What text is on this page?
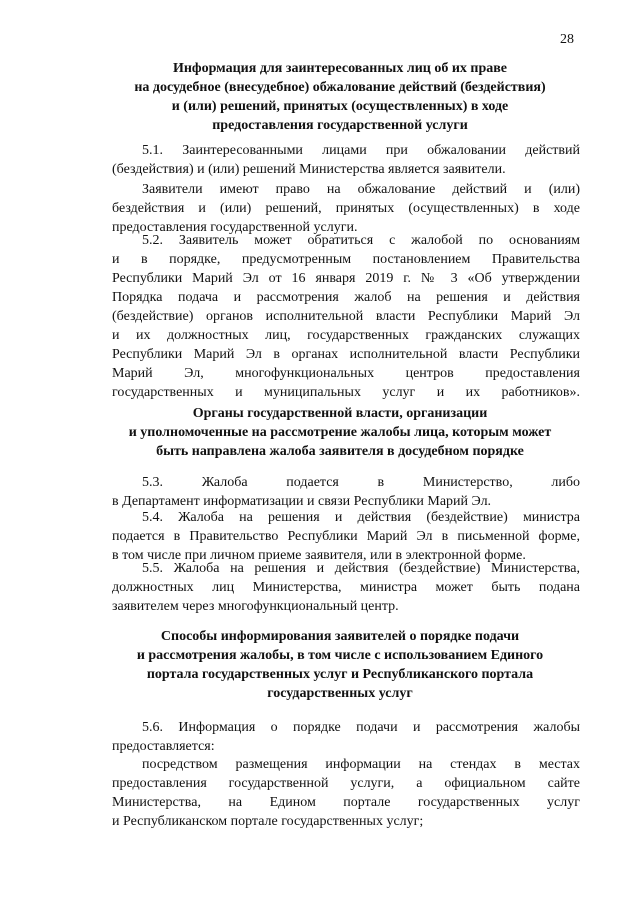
28
Информация для заинтересованных лиц об их праве
на досудебное (внесудебное) обжалование действий (бездействия)
и (или) решений, принятых (осуществленных) в ходе
предоставления государственной услуги
5.1. Заинтересованными лицами при обжаловании действий
(бездействия) и (или) решений Министерства является заявители.
Заявители имеют право на обжалование действий и (или)
бездействия и (или) решений, принятых (осуществленных) в ходе
предоставления государственной услуги.
5.2. Заявитель может обратиться с жалобой по основаниям
и в порядке, предусмотренным постановлением Правительства
Республики Марий Эл от 16 января 2019 г. № 3 «Об утверждении
Порядка подача и рассмотрения жалоб на решения и действия
(бездействие) органов исполнительной власти Республики Марий Эл
и их должностных лиц, государственных гражданских служащих
Республики Марий Эл в органах исполнительной власти Республики
Марий Эл, многофункциональных центров предоставления
государственных и муниципальных услуг и их работников».
Органы государственной власти, организации
и уполномоченные на рассмотрение жалобы лица, которым может
быть направлена жалоба заявителя в досудебном порядке
5.3. Жалоба подается в Министерство, либо
в Департамент информатизации и связи Республики Марий Эл.
5.4. Жалоба на решения и действия (бездействие) министра
подается в Правительство Республики Марий Эл в письменной форме,
в том числе при личном приеме заявителя, или в электронной форме.
5.5. Жалоба на решения и действия (бездействие) Министерства,
должностных лиц Министерства, министра может быть подана
заявителем через многофункциональный центр.
Способы информирования заявителей о порядке подачи
и рассмотрения жалобы, в том числе с использованием Единого
портала государственных услуг и Республиканского портала
государственных услуг
5.6. Информация о порядке подачи и рассмотрения жалобы
предоставляется:
посредством размещения информации на стендах в местах
предоставления государственной услуги, а официальном сайте
Министерства, на Едином портале государственных услуг
и Республиканском портале государственных услуг;
